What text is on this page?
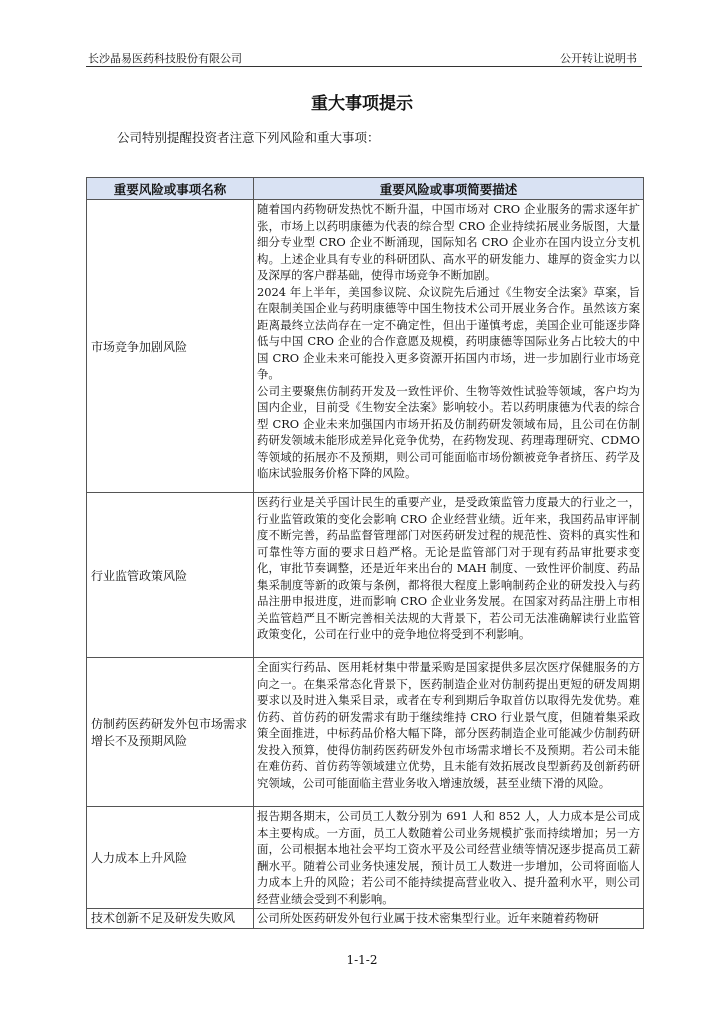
长沙晶易医药科技股份有限公司	公开转让说明书
重大事项提示
公司特别提醒投资者注意下列风险和重大事项：
重要风险或事项名称	重要风险或事项简要描述
市场竞争加剧风险	随着国内药物研发热忱不断升温，中国市场对 CRO 企业服务的需求逐年扩张，市场上以药明康德为代表的综合型 CRO 企业持续拓展业务版图，大量细分专业型 CRO 企业不断涌现，国际知名 CRO 企业亦在国内设立分支机构。上述企业具有专业的科研团队、高水平的研发能力、雄厚的资金实力以及深厚的客户群基础，使得市场竞争不断加剧。

2024 年上半年，美国参议院、众议院先后通过《生物安全法案》草案，旨在限制美国企业与药明康德等中国生物技术公司开展业务合作。虽然该方案距离最终立法尚存在一定不确定性，但出于谨慎考虑，美国企业可能逐步降低与中国 CRO 企业的合作意愿及规模，药明康德等国际业务占比较大的中国 CRO 企业未来可能投入更多资源开拓国内市场，进一步加剧行业市场竞争。

公司主要聚焦仿制药开发及一致性评价、生物等效性试验等领域，客户均为国内企业，目前受《生物安全法案》影响较小。若以药明康德为代表的综合型 CRO 企业未来加强国内市场开拓及仿制药研发领域布局，且公司在仿制药研发领域未能形成差异化竞争优势，在药物发现、药理毒理研究、CDMO 等领域的拓展亦不及预期，则公司可能面临市场份额被竞争者挤压、药学及临床试验服务价格下降的风险。

行业监管政策风险	医药行业是关乎国计民生的重要产业，是受政策监管力度最大的行业之一，行业监管政策的变化会影响 CRO 企业经营业绩。近年来，我国药品审评制度不断完善，药品监督管理部门对医药研发过程的规范性、资料的真实性和可靠性等方面的要求日趋严格。无论是监管部门对于现有药品审批要求变化，审批节奏调整，还是近年来出台的 MAH 制度、一致性评价制度、药品集采制度等新的政策与条例，都将很大程度上影响制药企业的研发投入与药品注册申报进度，进而影响 CRO 企业业务发展。在国家对药品注册上市相关监管趋严且不断完善相关法规的大背景下，若公司无法准确解读行业监管政策变化，公司在行业中的竞争地位将受到不利影响。

仿制药医药研发外包市场需求增长不及预期风险	全面实行药品、医用耗材集中带量采购是国家提供多层次医疗保健服务的方向之一。在集采常态化背景下，医药制造企业对仿制药提出更短的研发周期要求以及时进入集采目录，或者在专利到期后争取首仿以取得先发优势。难仿药、首仿药的研发需求有助于继续维持 CRO 行业景气度，但随着集采政策全面推进，中标药品价格大幅下降，部分医药制造企业可能减少仿制药研发投入预算，使得仿制药医药研发外包市场需求增长不及预期。若公司未能在难仿药、首仿药等领域建立优势，且未能有效拓展改良型新药及创新药研究领域，公司可能面临主营业务收入增速放缓，甚至业绩下滑的风险。

人力成本上升风险	报告期各期末，公司员工人数分别为 691 人和 852 人，人力成本是公司成本主要构成。一方面，员工人数随着公司业务规模扩张而持续增加；另一方面，公司根据本地社会平均工资水平及公司经营业绩等情况逐步提高员工薪酬水平。随着公司业务快速发展，预计员工人数进一步增加，公司将面临人力成本上升的风险；若公司不能持续提高营业收入、提升盈利水平，则公司经营业绩会受到不利影响。

技术创新不足及研发失败风	公司所处医药研发外包行业属于技术密集型行业。近年来随着药物研

1-1-2
